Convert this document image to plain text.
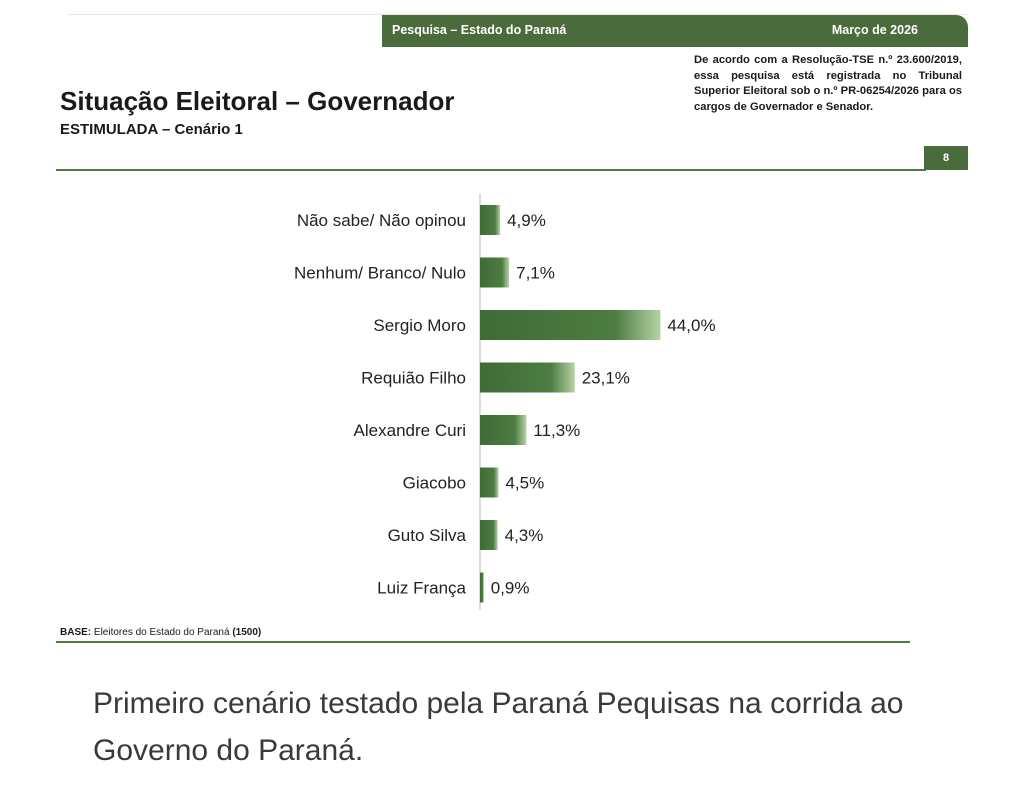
Pesquisa – Estado do Paraná	Março de 2026
De acordo com a Resolução-TSE n.º 23.600/2019, essa pesquisa está registrada no Tribunal Superior Eleitoral sob o n.º PR-06254/2026 para os cargos de Governador e Senador.
Situação Eleitoral – Governador
ESTIMULADA – Cenário 1
8
Não sabe/ Não opinou 4,9%
Nenhum/ Branco/ Nulo	7,1%
Sergio Moro	44,0%
Requião Filho	23,1%
Alexandre Curi	11,3%
Giacobo 4,5%
Guto Silva 4,3%
Luiz França 0,9%
BASE: Eleitores do Estado do Paraná (1500)
Primeiro cenário testado pela Paraná Pequisas na corrida ao Governo do Paraná.
